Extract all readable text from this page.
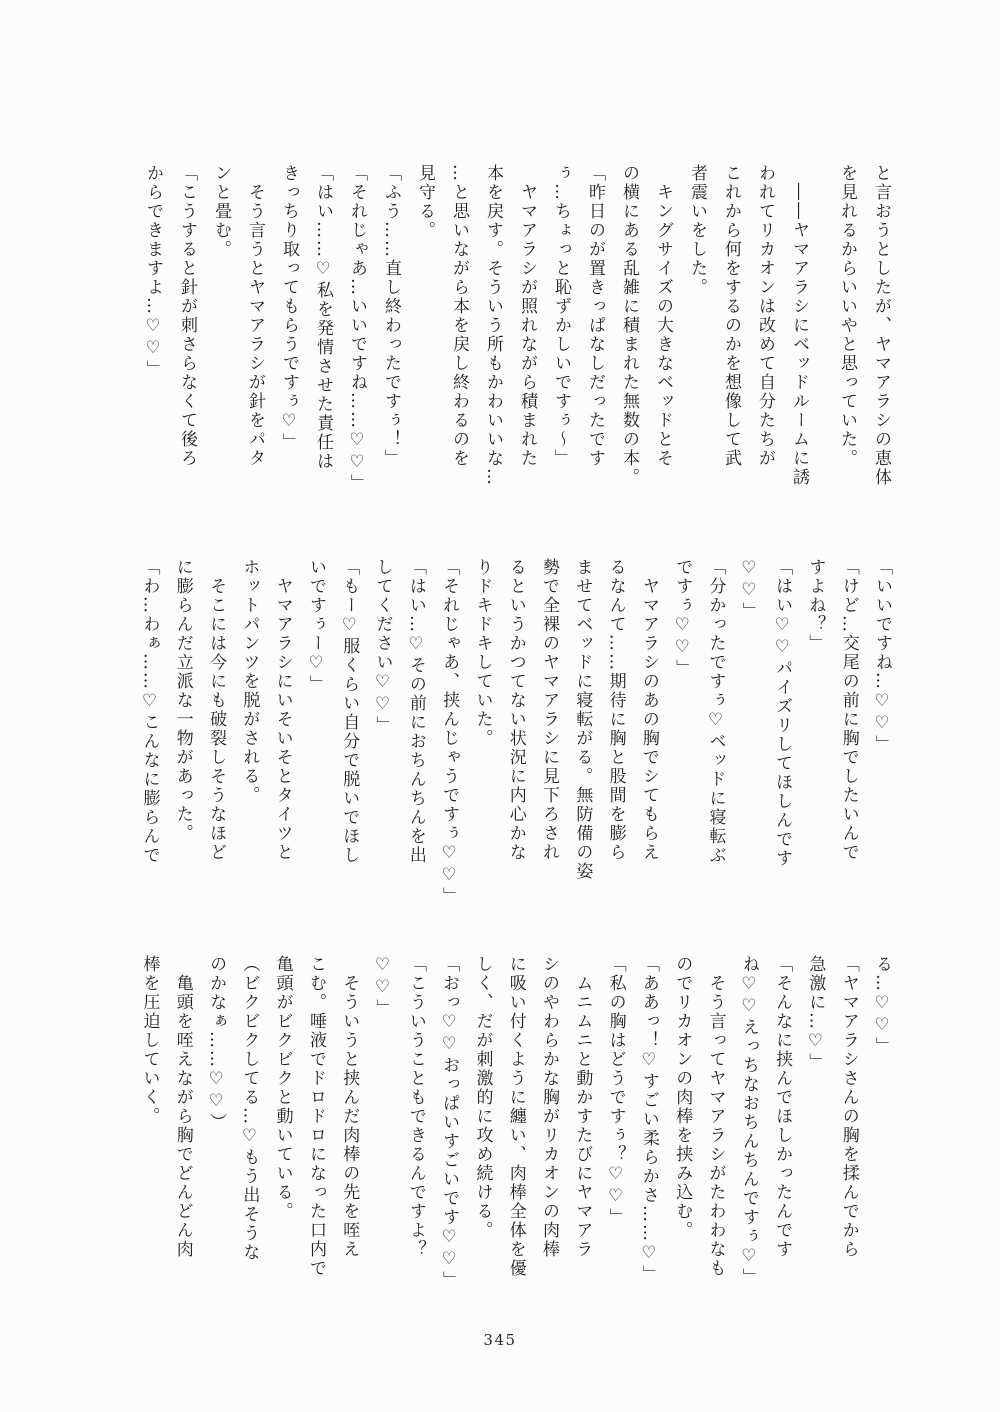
と言おうとしたが、ヤマアラシの恵体
を見れるからいいやと思っていた。
――ヤマアラシにベッドルームに誘
われてリカオンは改めて自分たちが
これから何をするのかを想像して武
者震いをした。
キングサイズの大きなベッドとそ
の横にある乱雑に積まれた無数の本。
「昨日のが置きっぱなしだったです
ぅ…ちょっと恥ずかしいですぅ～」
ヤマアラシが照れながら積まれた
本を戻す。そういう所もかわいいな…
…と思いながら本を戻し終わるのを
見守る。
「ふう……直し終わったですぅ！」
「それじゃあ…いいですね……♡♡」
「はい……♡私を発情させた責任は
きっちり取ってもらうですぅ♡」
そう言うとヤマアラシが針をパタ
ンと畳む。
「こうすると針が刺さらなくて後ろ
からできますよ…♡♡」
「いいですね…♡♡」
「けど…交尾の前に胸でしたいんで
すよね？」
「はい♡♡パイズリしてほしんです
♡♡」
「分かったですぅ♡ベッドに寝転ぶ
ですぅ♡♡」
ヤマアラシのあの胸でシてもらえ
るなんて……期待に胸と股間を膨ら
ませてベッドに寝転がる。無防備の姿
勢で全裸のヤマアラシに見下ろされ
るというかつてない状況に内心かな
りドキドキしていた。
「それじゃあ、挟んじゃうですぅ♡♡」
「はい…♡その前におちんちんを出
してください♡♡」
「もー♡服くらい自分で脱いでほし
いですぅー♡」
ヤマアラシにいそいそとタイツと
ホットパンツを脱がされる。
そこには今にも破裂しそうなほど
に膨らんだ立派な一物があった。
「わ…わぁ……♡こんなに膨らんで
る…♡♡」
「ヤマアラシさんの胸を揉んでから
急激に…♡」
「そんなに挟んでほしかったんです
ね♡♡えっちなおちんちんですぅ♡」
そう言ってヤマアラシがたわわなも
のでリカオンの肉棒を挟み込む。
「ああっ！♡すごい柔らかさ……♡」
「私の胸はどうですぅ？♡♡」
ムニムニと動かすたびにヤマアラ
シのやわらかな胸がリカオンの肉棒
に吸い付くように纏い、肉棒全体を優
しく、だが刺激的に攻め続ける。
「おっ♡♡おっぱいすごいです♡♡」
「こういうこともできるんですよ？
♡♡」
そういうと挟んだ肉棒の先を咥え
こむ。唾液でドロドロになった口内で
亀頭がビクビクと動いている。
（ビクビクしてる…♡もう出そうな
のかなぁ……♡♡）
亀頭を咥えながら胸でどんどん肉
棒を圧迫していく。
345
